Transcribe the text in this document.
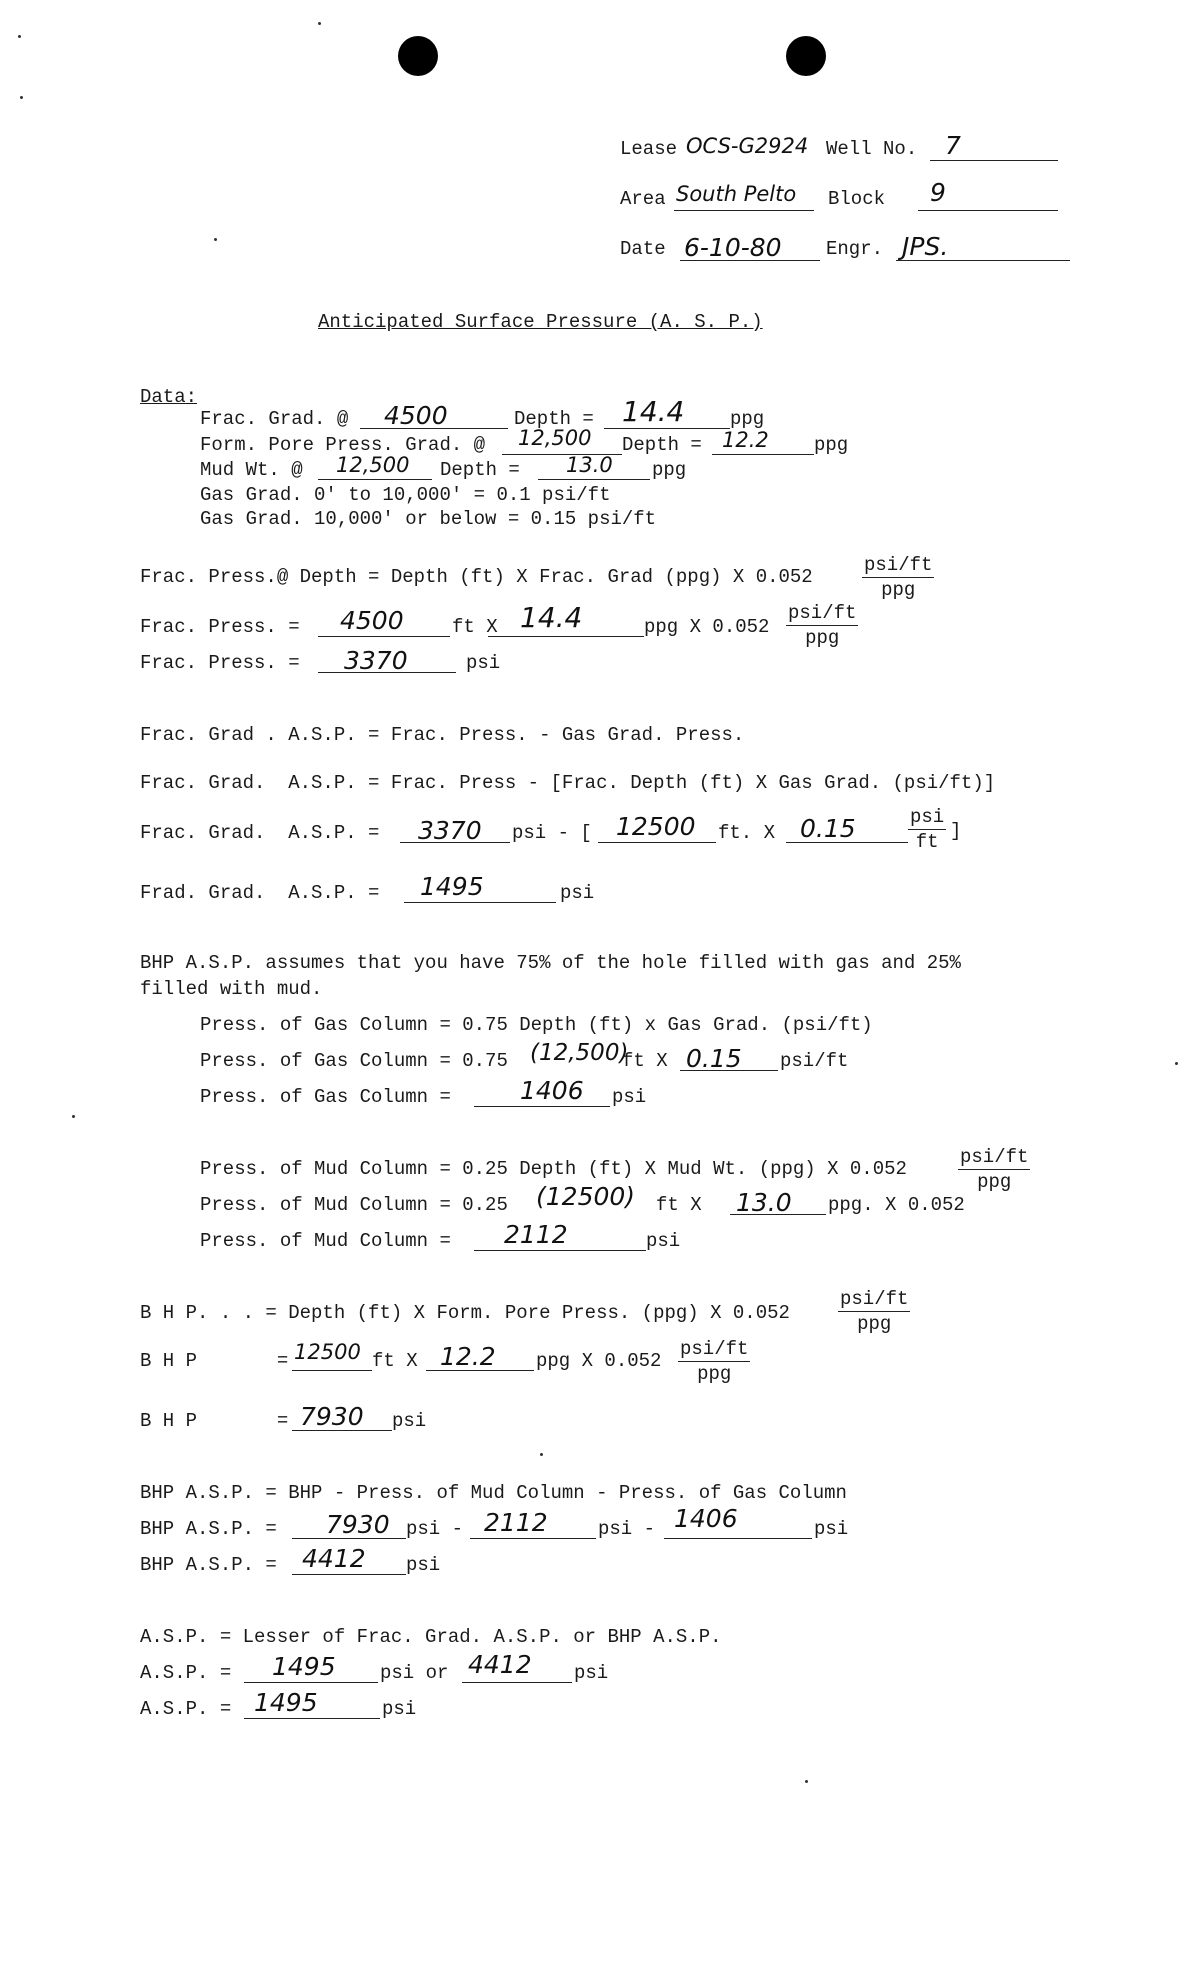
Lease OCS-G2924 Well No. 7
Area South Pelto Block 9
Date 6-10-80 Engr. JPS.
Anticipated Surface Pressure (A. S. P.)
Data:
Frac. Grad. @ 4500	Depth = 14.4 ppg
Form. Pore Press. Grad. @ 12,500 Depth = 12.2 ppg
Mud Wt. @ 12,500 Depth = 13.0 ppg
Gas Grad. 0' to 10,000' = 0.1 psi/ft
Gas Grad. 10,000' or below = 0.15 psi/ft
Frac. Press.@ Depth = Depth (ft) X Frac. Grad (ppg) X 0.052
psi/ft
ppg
Frac. Press. = 4500	ft X 14.4	ppg X 0.052
psi/ft
ppg
Frac. Press. = 3370	psi
Frac. Grad . A.S.P. = Frac. Press. - Gas Grad. Press.
Frac. Grad.  A.S.P. = Frac. Press - [Frac. Depth (ft) X Gas Grad. (psi/ft)]
Frac. Grad.  A.S.P. = 3370 psi - [ 12500 ft. X 0.15	psi
ft ]
Frad. Grad.  A.S.P. = 1495	psi
BHP A.S.P. assumes that you have 75% of the hole filled with gas and 25%
filled with mud.
Press. of Gas Column = 0.75 Depth (ft) x Gas Grad. (psi/ft)
Press. of Gas Column = 0.75 (12,500)
ft X 0.15 psi/ft
Press. of Gas Column =	1406 psi
Press. of Mud Column = 0.25 Depth (ft) X Mud Wt. (ppg) X 0.052
psi/ft
ppg
Press. of Mud Column = 0.25 (12500) ft X 13.0 ppg. X 0.052
Press. of Mud Column = 2112	psi
B H P. . . = Depth (ft) X Form. Pore Press. (ppg) X 0.052
psi/ft
ppg
B H P       = 12500 ft X 12.2 ppg X 0.052
psi/ft
ppg
B H P       = 7930 psi
BHP A.S.P. = BHP - Press. of Mud Column - Press. of Gas Column
BHP A.S.P. = 7930 psi - 2112	psi - 1406	psi
BHP A.S.P. = 4412 psi
A.S.P. = Lesser of Frac. Grad. A.S.P. or BHP A.S.P.
A.S.P. = 1495 psi or 4412 psi
A.S.P. = 1495	psi
